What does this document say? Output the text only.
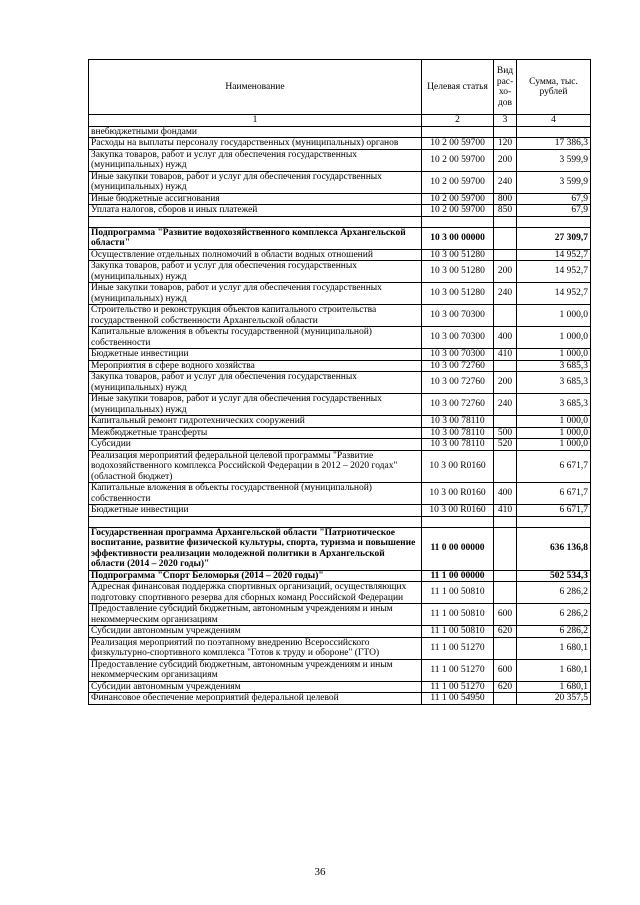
Наименование	Целевая статья	Вид рас-хо-дов	Сумма, тыс. рублей
1	2	3	4
внебюджетными фондами			
Расходы на выплаты персоналу государственных (муниципальных) органов	10 2 00 59700	120	17 386,3
Закупка товаров, работ и услуг для обеспечения государственных (муниципальных) нужд	10 2 00 59700	200	3 599,9
Иные закупки товаров, работ и услуг для обеспечения государственных (муниципальных) нужд	10 2 00 59700	240	3 599,9
Иные бюджетные ассигнования	10 2 00 59700	800	67,9
Уплата налогов, сборов и иных платежей	10 2 00 59700	850	67,9

Подпрограмма "Развитие водохозяйственного комплекса Архангельской области"	10 3 00 00000		27 309,7
Осуществление отдельных полномочий в области водных отношений	10 3 00 51280		14 952,7
Закупка товаров, работ и услуг для обеспечения государственных (муниципальных) нужд	10 3 00 51280	200	14 952,7
Иные закупки товаров, работ и услуг для обеспечения государственных (муниципальных) нужд	10 3 00 51280	240	14 952,7
Строительство и реконструкция объектов капитального строительства государственной собственности Архангельской области	10 3 00 70300		1 000,0
Капитальные вложения в объекты государственной (муниципальной) собственности	10 3 00 70300	400	1 000,0
Бюджетные инвестиции	10 3 00 70300	410	1 000,0
Мероприятия в сфере водного хозяйства	10 3 00 72760		3 685,3
Закупка товаров, работ и услуг для обеспечения государственных (муниципальных) нужд	10 3 00 72760	200	3 685,3
Иные закупки товаров, работ и услуг для обеспечения государственных (муниципальных) нужд	10 3 00 72760	240	3 685,3
Капитальный ремонт гидротехнических сооружений	10 3 00 78110		1 000,0
Межбюджетные трансферты	10 3 00 78110	500	1 000,0
Субсидии	10 3 00 78110	520	1 000,0
Реализация мероприятий федеральной целевой программы "Развитие водохозяйственного комплекса Российской Федерации в 2012 – 2020 годах" (областной бюджет)	10 3 00 R0160		6 671,7
Капитальные вложения в объекты государственной (муниципальной) собственности	10 3 00 R0160	400	6 671,7
Бюджетные инвестиции	10 3 00 R0160	410	6 671,7

Государственная программа Архангельской области "Патриотическое воспитание, развитие физической культуры, спорта, туризма и повышение эффективности реализации молодежной политики в Архангельской области (2014 – 2020 годы)"	11 0 00 00000		636 136,8
Подпрограмма "Спорт Беломорья (2014 – 2020 годы)"	11 1 00 00000		502 534,3
Адресная финансовая поддержка спортивных организаций, осуществляющих подготовку спортивного резерва для сборных команд Российской Федерации	11 1 00 50810		6 286,2
Предоставление субсидий бюджетным, автономным учреждениям и иным некоммерческим организациям	11 1 00 50810	600	6 286,2
Субсидии автономным учреждениям	11 1 00 50810	620	6 286,2
Реализация мероприятий по поэтапному внедрению Всероссийского физкультурно-спортивного комплекса "Готов к труду и обороне" (ГТО)	11 1 00 51270		1 680,1
Предоставление субсидий бюджетным, автономным учреждениям и иным некоммерческим организациям	11 1 00 51270	600	1 680,1
Субсидии автономным учреждениям	11 1 00 51270	620	1 680,1
Финансовое обеспечение мероприятий федеральной целевой	11 1 00 54950		20 357,5
36
